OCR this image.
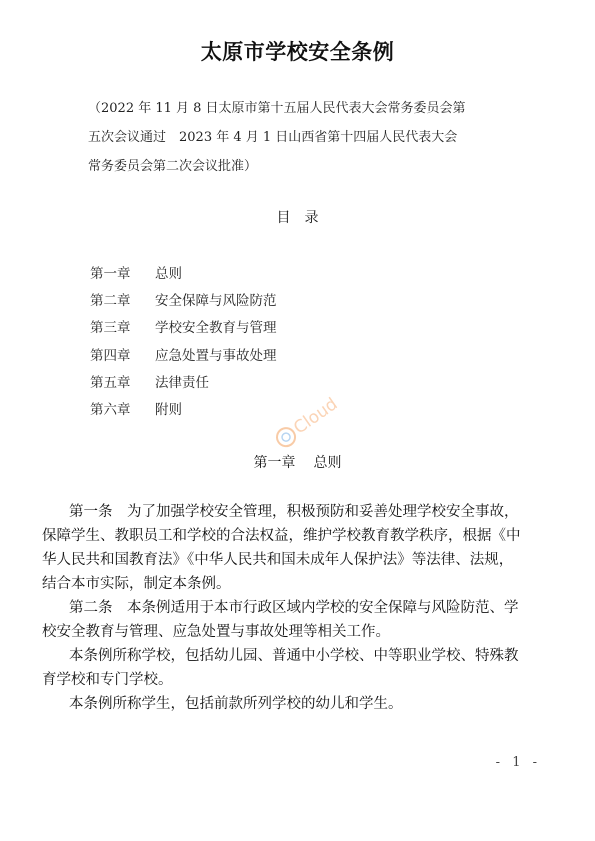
太原市学校安全条例
（2022 年 11 月 8 日太原市第十五届人民代表大会常务委员会第
五次会议通过　2023 年 4 月 1 日山西省第十四届人民代表大会
常务委员会第二次会议批准）
目　录
第一章 总则
第二章 安全保障与风险防范
第三章 学校安全教育与管理
第四章 应急处置与事故处理
第五章 法律责任
第六章 附则	Cloud
第一章 总则
第一条　为了加强学校安全管理，积极预防和妥善处理学校安全事故，
保障学生、教职员工和学校的合法权益，维护学校教育教学秩序，根据《中
华人民共和国教育法》《中华人民共和国未成年人保护法》等法律、法规，
结合本市实际，制定本条例。
第二条　本条例适用于本市行政区域内学校的安全保障与风险防范、学
校安全教育与管理、应急处置与事故处理等相关工作。
本条例所称学校，包括幼儿园、普通中小学校、中等职业学校、特殊教
育学校和专门学校。
本条例所称学生，包括前款所列学校的幼儿和学生。
- 1 -
